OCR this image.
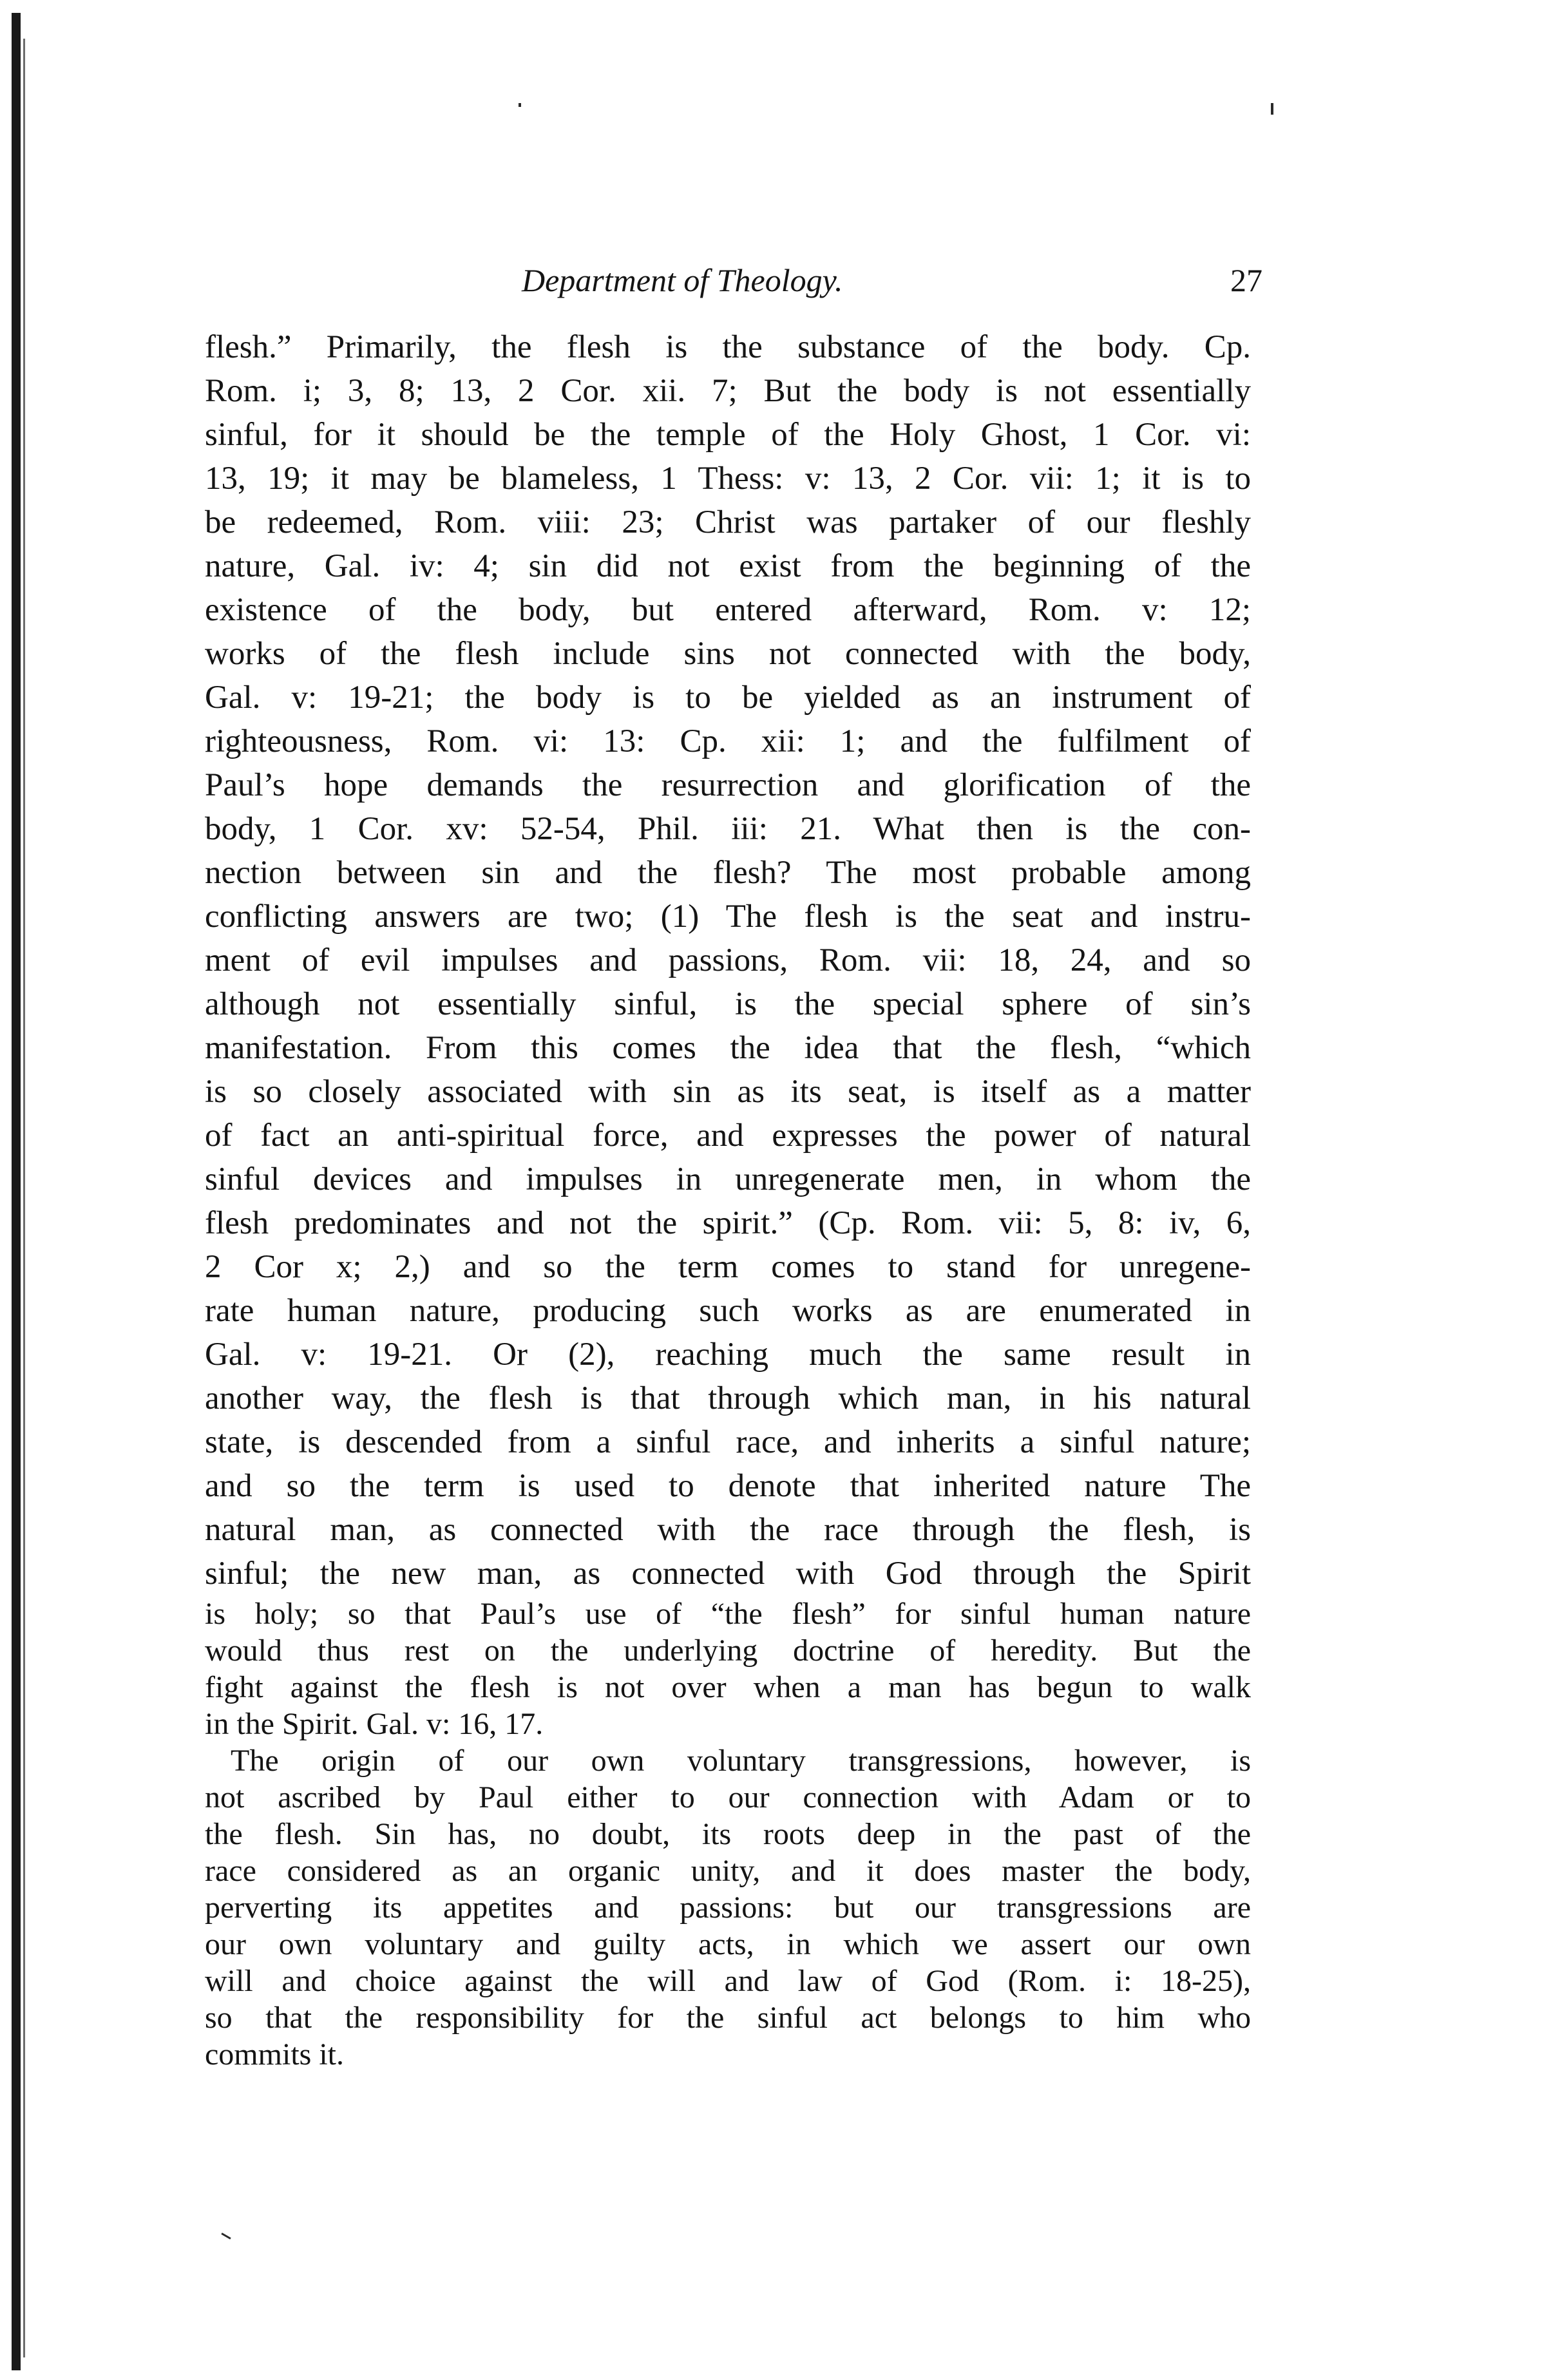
Department of Theology.	27
flesh.” Primarily, the flesh is the substance of the body. Cp.
Rom. i; 3, 8; 13, 2 Cor. xii. 7; But the body is not essentially
sinful, for it should be the temple of the Holy Ghost, 1 Cor. vi:
13, 19; it may be blameless, 1 Thess: v: 13, 2 Cor. vii: 1; it is to
be redeemed, Rom. viii: 23; Christ was partaker of our fleshly
nature, Gal. iv: 4; sin did not exist from the beginning of the
existence of the body, but entered afterward, Rom. v: 12;
works of the flesh include sins not connected with the body,
Gal. v: 19-21; the body is to be yielded as an instrument of
righteousness, Rom. vi: 13: Cp. xii: 1; and the fulfilment of
Paul’s hope demands the resurrection and glorification of the
body, 1 Cor. xv: 52-54, Phil. iii: 21. What then is the con-
nection between sin and the flesh? The most probable among
conflicting answers are two; (1) The flesh is the seat and instru-
ment of evil impulses and passions, Rom. vii: 18, 24, and so
although not essentially sinful, is the special sphere of sin’s
manifestation. From this comes the idea that the flesh, “which
is so closely associated with sin as its seat, is itself as a matter
of fact an anti-spiritual force, and expresses the power of natural
sinful devices and impulses in unregenerate men, in whom the
flesh predominates and not the spirit.” (Cp. Rom. vii: 5, 8: iv, 6,
2 Cor x; 2,) and so the term comes to stand for unregene-
rate human nature, producing such works as are enumerated in
Gal. v: 19-21. Or (2), reaching much the same result in
another way, the flesh is that through which man, in his natural
state, is descended from a sinful race, and inherits a sinful nature;
and so the term is used to denote that inherited nature The
natural man, as connected with the race through the flesh, is
sinful; the new man, as connected with God through the Spirit
is holy; so that Paul’s use of “the flesh” for sinful human nature
would thus rest on the underlying doctrine of heredity. But the
fight against the flesh is not over when a man has begun to walk
in the Spirit. Gal. v: 16, 17.
The origin of our own voluntary transgressions, however, is
not ascribed by Paul either to our connection with Adam or to
the flesh. Sin has, no doubt, its roots deep in the past of the
race considered as an organic unity, and it does master the body,
perverting its appetites and passions: but our transgressions are
our own voluntary and guilty acts, in which we assert our own
will and choice against the will and law of God (Rom. i: 18-25),
so that the responsibility for the sinful act belongs to him who
commits it.
